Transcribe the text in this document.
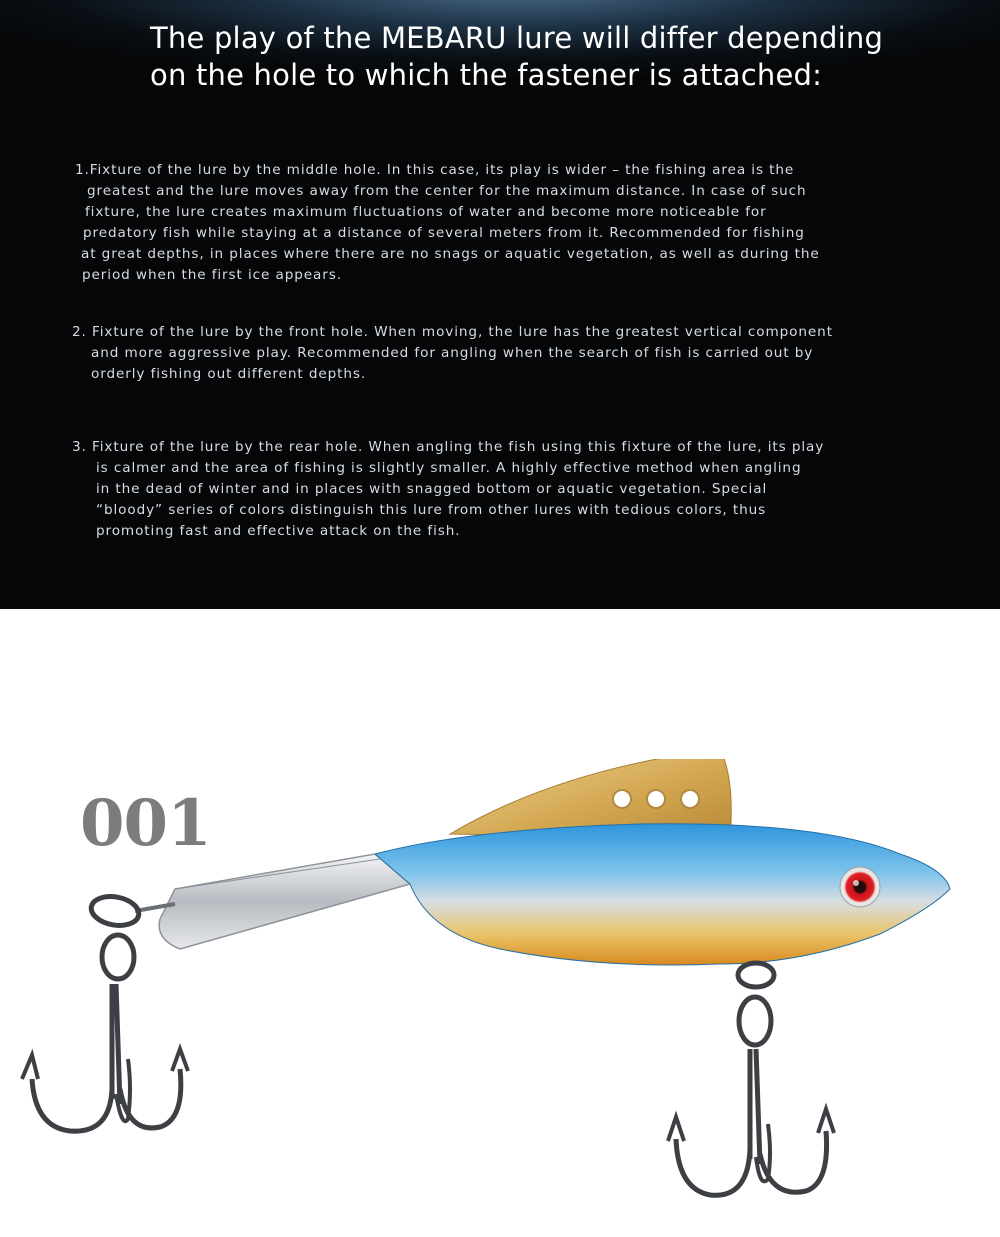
The play of the MEBARU lure will differ depending
on the hole to which the fastener is attached:
1.Fixture of the lure by the middle hole. In this case, its play is wider – the fishing area is the
greatest and the lure moves away from the center for the maximum distance. In case of such
fixture, the lure creates maximum fluctuations of water and become more noticeable for
predatory fish while staying at a distance of several meters from it. Recommended for fishing
at great depths, in places where there are no snags or aquatic vegetation, as well as during the
period when the first ice appears.
2. Fixture of the lure by the front hole. When moving, the lure has the greatest vertical component
and more aggressive play. Recommended for angling when the search of fish is carried out by
orderly fishing out different depths.
3. Fixture of the lure by the rear hole. When angling the fish using this fixture of the lure, its play
is calmer and the area of fishing is slightly smaller. A highly effective method when angling
in the dead of winter and in places with snagged bottom or aquatic vegetation. Special
“bloody” series of colors distinguish this lure from other lures with tedious colors, thus
promoting fast and effective attack on the fish.
001
